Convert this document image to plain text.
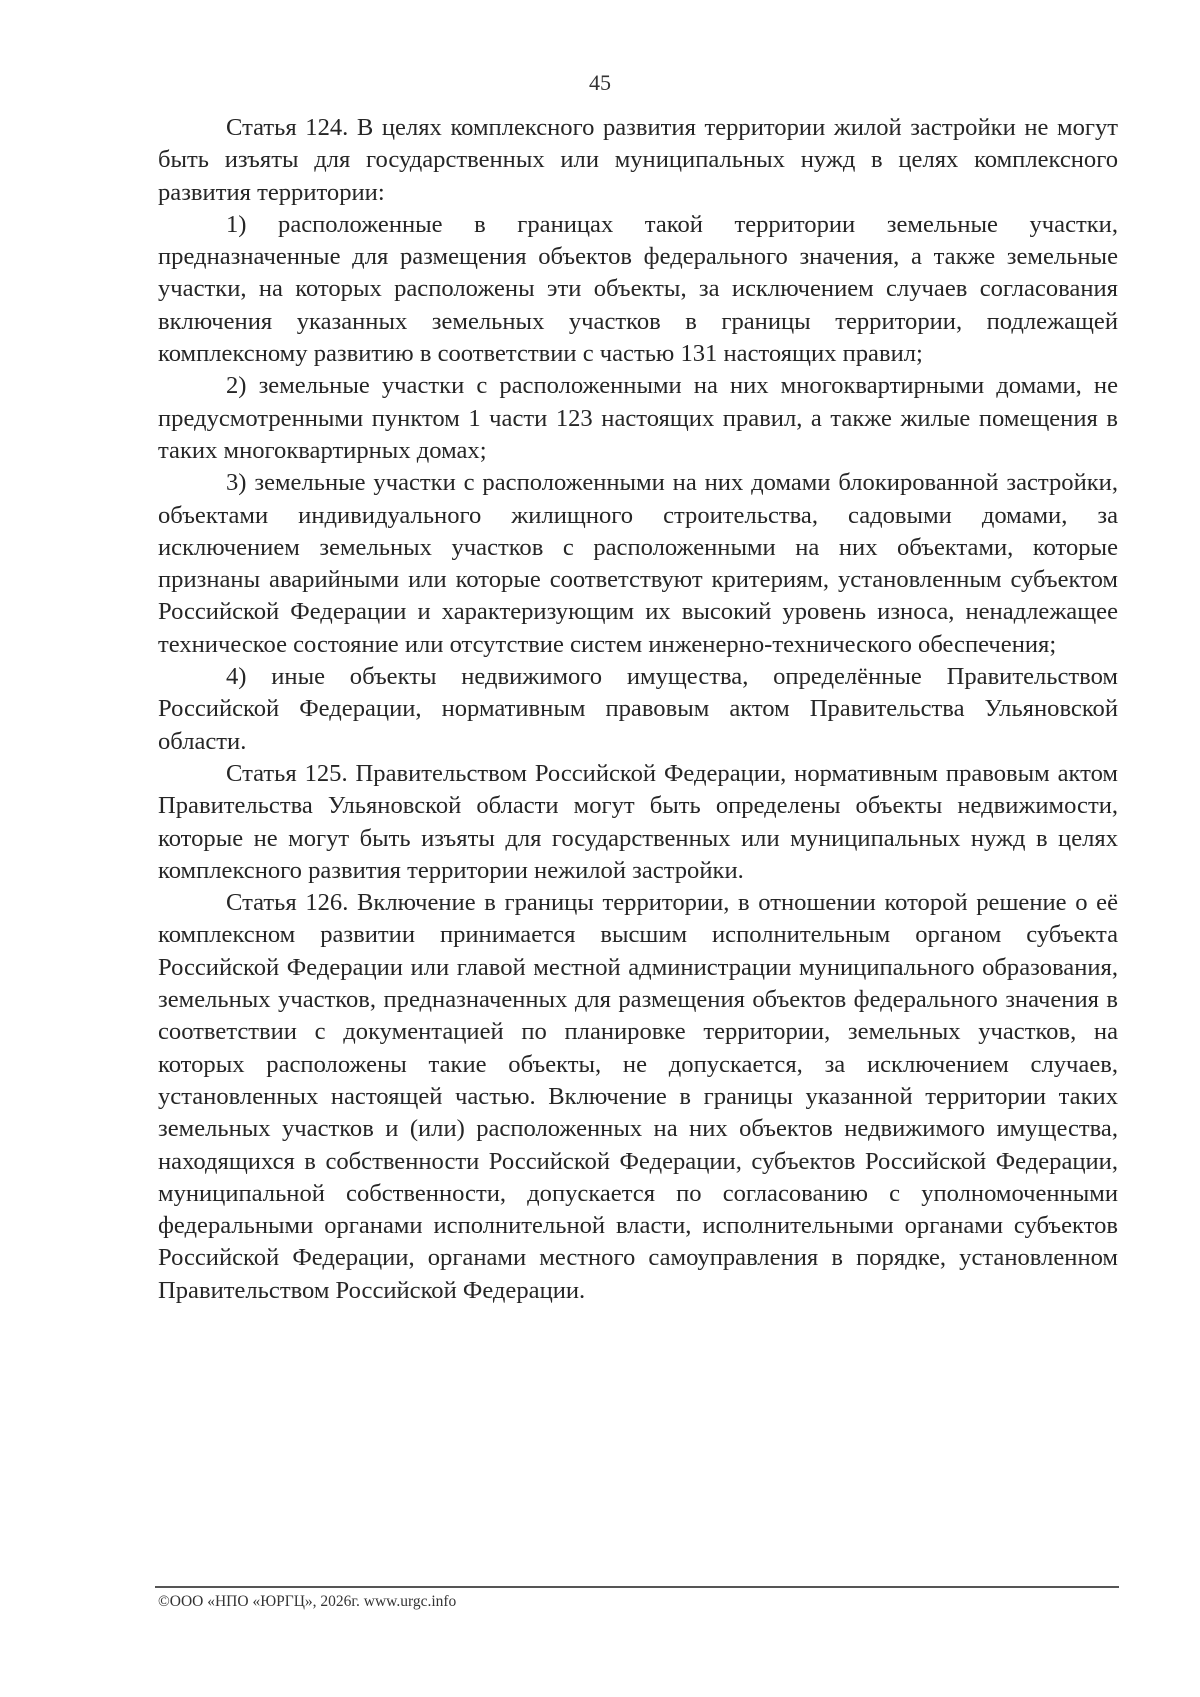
45

Статья 124. В целях комплексного развития территории жилой застройки не могут быть изъяты для государственных или муниципальных нужд в целях комплексного развития территории:

1) расположенные в границах такой территории земельные участки, предназначенные для размещения объектов федерального значения, а также земельные участки, на которых расположены эти объекты, за исключением случаев согласования включения указанных земельных участков в границы территории, подлежащей комплексному развитию в соответствии с частью 131 настоящих правил;

2) земельные участки с расположенными на них многоквартирными домами, не предусмотренными пунктом 1 части 123 настоящих правил, а также жилые помещения в таких многоквартирных домах;

3) земельные участки с расположенными на них домами блокированной застройки, объектами индивидуального жилищного строительства, садовыми домами, за исключением земельных участков с расположенными на них объектами, которые признаны аварийными или которые соответствуют критериям, установленным субъектом Российской Федерации и характеризующим их высокий уровень износа, ненадлежащее техническое состояние или отсутствие систем инженерно-технического обеспечения;

4) иные объекты недвижимого имущества, определённые Правительством Российской Федерации, нормативным правовым актом Правительства Ульяновской области.

Статья 125. Правительством Российской Федерации, нормативным правовым актом Правительства Ульяновской области могут быть определены объекты недвижимости, которые не могут быть изъяты для государственных или муниципальных нужд в целях комплексного развития территории нежилой застройки.

Статья 126. Включение в границы территории, в отношении которой решение о её комплексном развитии принимается высшим исполнительным органом субъекта Российской Федерации или главой местной администрации муниципального образования, земельных участков, предназначенных для размещения объектов федерального значения в соответствии с документацией по планировке территории, земельных участков, на которых расположены такие объекты, не допускается, за исключением случаев, установленных настоящей частью. Включение в границы указанной территории таких земельных участков и (или) расположенных на них объектов недвижимого имущества, находящихся в собственности Российской Федерации, субъектов Российской Федерации, муниципальной собственности, допускается по согласованию с уполномоченными федеральными органами исполнительной власти, исполнительными органами субъектов Российской Федерации, органами местного самоуправления в порядке, установленном Правительством Российской Федерации.

©ООО «НПО «ЮРГЦ», 2026г. www.urgc.info
